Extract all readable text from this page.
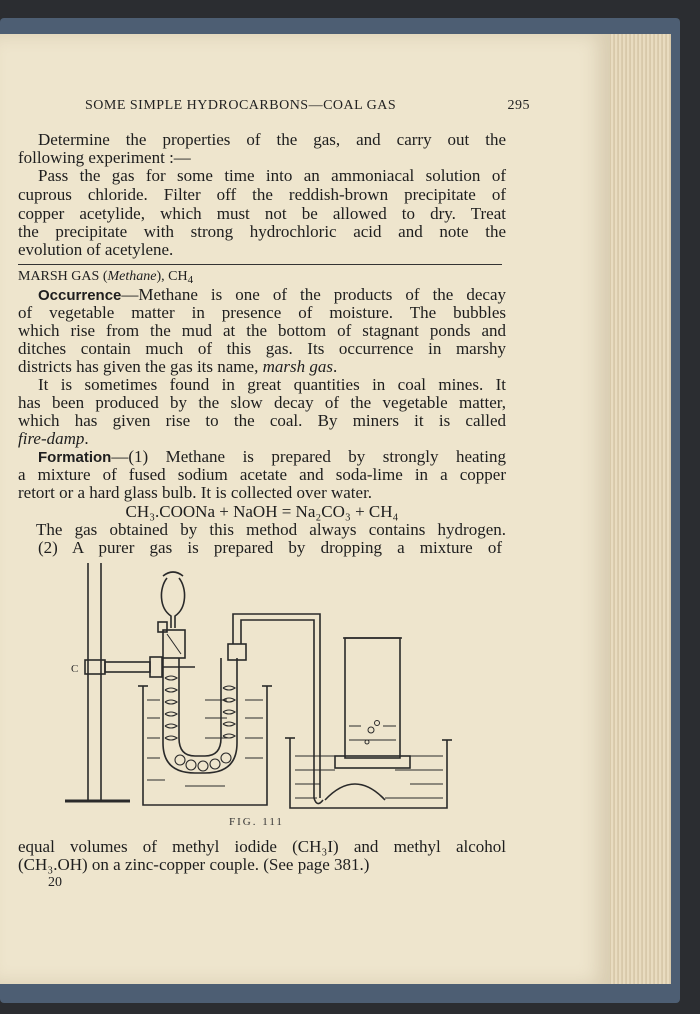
SOME SIMPLE HYDROCARBONS—COAL GAS	295
Determine the properties of the gas, and carry out the
following experiment :—
Pass the gas for some time into an ammoniacal solution of
cuprous chloride. Filter off the reddish-brown precipitate of
copper acetylide, which must not be allowed to dry. Treat
the precipitate with strong hydrochloric acid and note the
evolution of acetylene.
MARSH GAS (Methane), $CH_4$
Occurrence—Methane is one of the products of the decay
of vegetable matter in presence of moisture. The bubbles
which rise from the mud at the bottom of stagnant ponds and
ditches contain much of this gas. Its occurrence in marshy
districts has given the gas its name, marsh gas.
It is sometimes found in great quantities in coal mines. It
has been produced by the slow decay of the vegetable matter,
which has given rise to the coal. By miners it is called
fire-damp.
Formation—(1) Methane is prepared by strongly heating
a mixture of fused sodium acetate and soda-lime in a copper
retort or a hard glass bulb. It is collected over water.
CH₃.COONa + NaOH = Na₂CO₃ + CH₄
The gas obtained by this method always contains hydrogen.
(2) A purer gas is prepared by dropping a mixture of
C
FIG. 111
equal volumes of methyl iodide (CH₃I) and methyl alcohol
(CH₃.OH) on a zinc-copper couple. (See page 381.)
20
